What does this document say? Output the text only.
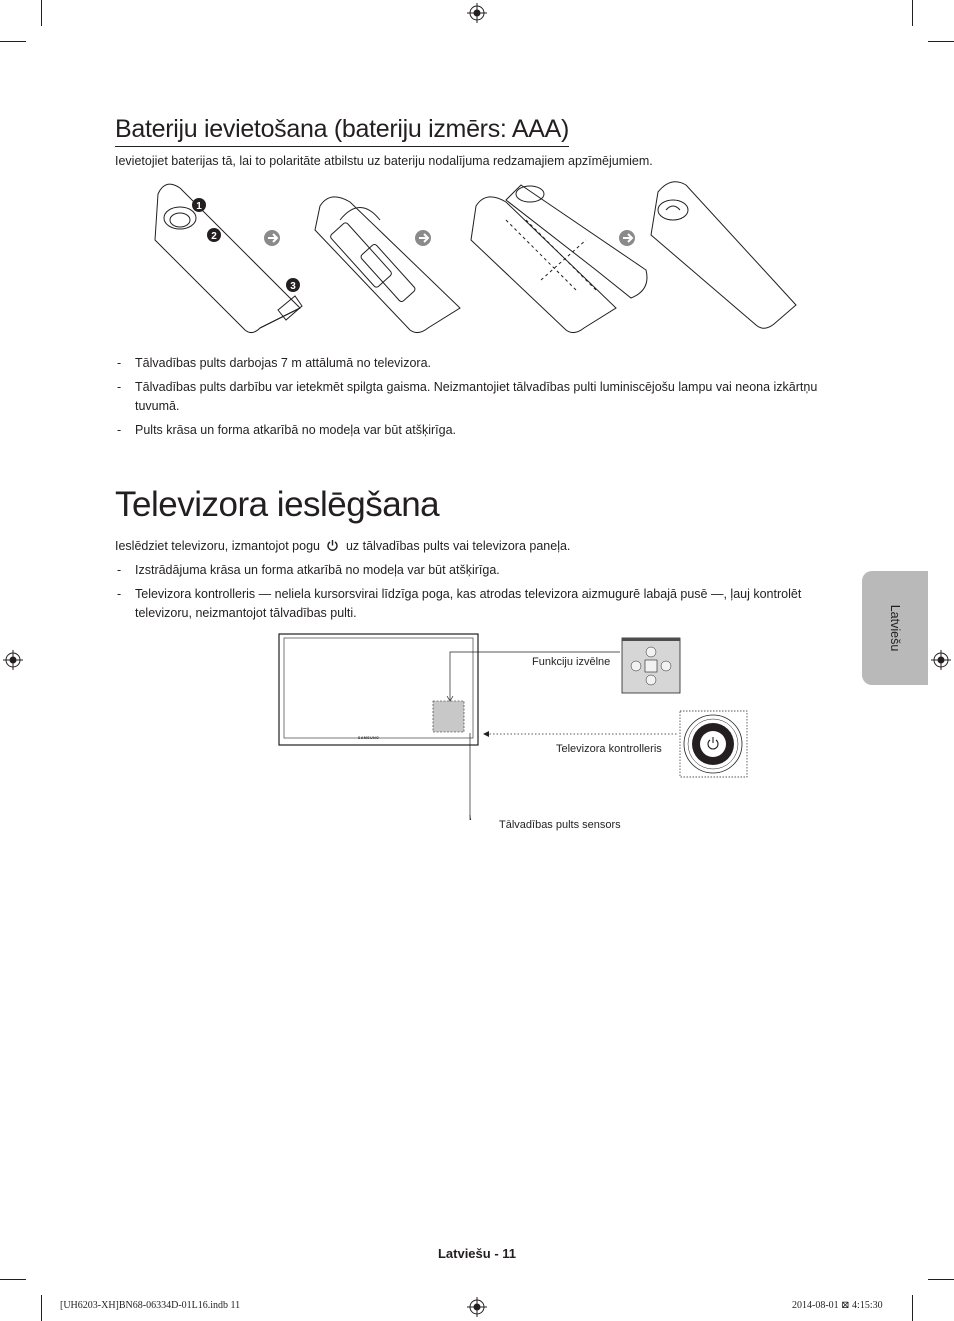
Bateriju ievietošana (bateriju izmērs: AAA)
Ievietojiet baterijas tā, lai to polaritāte atbilstu uz bateriju nodalījuma redzamajiem apzīmējumiem.
1
2
3
- Tālvadības pults darbojas 7 m attālumā no televizora.
- Tālvadības pults darbību var ietekmēt spilgta gaisma. Neizmantojiet tālvadības pulti luminiscējošu lampu vai neona izkārtņu tuvumā.
- Pults krāsa un forma atkarībā no modeļa var būt atšķirīga.
Televizora ieslēgšana
Ieslēdziet televizoru, izmantojot pogu uz tālvadības pults vai televizora paneļa.
- Izstrādājuma krāsa un forma atkarībā no modeļa var būt atšķirīga.
- Televizora kontrolleris — neliela kursorsvirai līdzīga poga, kas atrodas televizora aizmugurē labajā pusē —, ļauj kontrolēt televizoru, neizmantojot tālvadības pulti.
SAMSUNG
Funkciju izvēlne
Televizora kontrolleris
Tālvadības pults sensors
Latviešu
Latviešu - 11
[UH6203-XH]BN68-06334D-01L16.indb 11	2014-08-01 ⊠ 4:15:30
